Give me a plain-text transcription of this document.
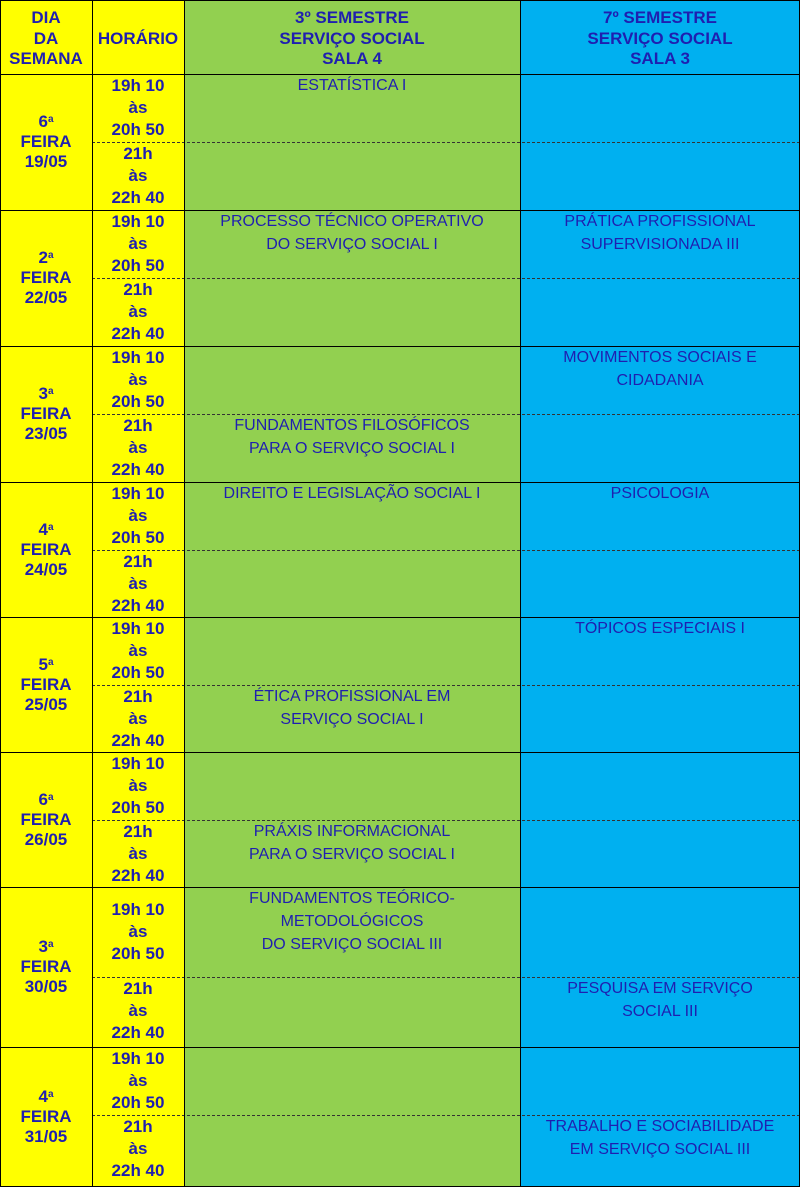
DIA
DA
SEMANA
HORÁRIO
3º SEMESTRE
SERVIÇO SOCIAL
SALA 4
7º SEMESTRE
SERVIÇO SOCIAL
SALA 3
6$^a$
FEIRA
19/05
19h 10
às
20h 50
ESTATÍSTICA I
21h
às
22h 40
2$^a$
FEIRA
22/05
19h 10
às
20h 50
PROCESSO TÉCNICO OPERATIVO
DO SERVIÇO SOCIAL I
PRÁTICA PROFISSIONAL
SUPERVISIONADA III
21h
às
22h 40
3$^a$
FEIRA
23/05
19h 10
às
20h 50
MOVIMENTOS SOCIAIS E
CIDADANIA
21h
às
22h 40
FUNDAMENTOS FILOSÓFICOS
PARA O SERVIÇO SOCIAL I
4$^a$
FEIRA
24/05
19h 10
às
20h 50
DIREITO E LEGISLAÇÃO SOCIAL I	PSICOLOGIA
21h
às
22h 40
5$^a$
FEIRA
25/05
19h 10
às
20h 50
TÓPICOS ESPECIAIS I
21h
às
22h 40
ÉTICA PROFISSIONAL EM
SERVIÇO SOCIAL I
6$^a$
FEIRA
26/05
19h 10
às
20h 50
21h
às
22h 40
PRÁXIS INFORMACIONAL
PARA O SERVIÇO SOCIAL I
3$^a$
FEIRA
30/05
19h 10
às
20h 50
FUNDAMENTOS TEÓRICO-
METODOLÓGICOS
DO SERVIÇO SOCIAL III
21h
às
22h 40
PESQUISA EM SERVIÇO
SOCIAL III
4$^a$
FEIRA
31/05
19h 10
às
20h 50
21h
às
22h 40
TRABALHO E SOCIABILIDADE
EM SERVIÇO SOCIAL III
